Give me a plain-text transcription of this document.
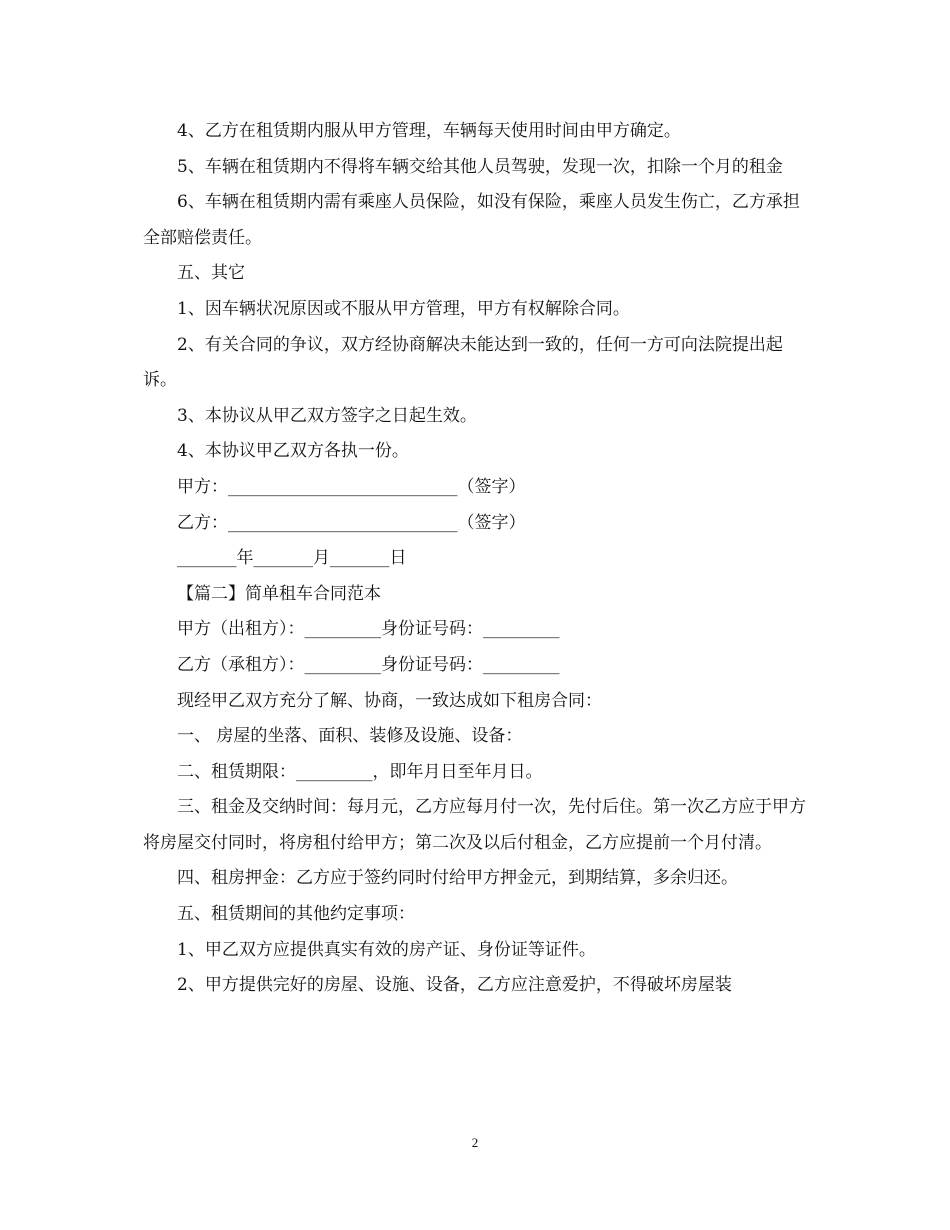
4、乙方在租赁期内服从甲方管理，车辆每天使用时间由甲方确定。

5、车辆在租赁期内不得将车辆交给其他人员驾驶，发现一次，扣除一个月的租金

6、车辆在租赁期内需有乘座人员保险，如没有保险，乘座人员发生伤亡，乙方承担全部赔偿责任。

五、其它

1、因车辆状况原因或不服从甲方管理，甲方有权解除合同。

2、有关合同的争议，双方经协商解决未能达到一致的，任何一方可向法院提出起诉。

3、本协议从甲乙双方签字之日起生效。

4、本协议甲乙双方各执一份。

甲方：___________________________（签字）

乙方：___________________________（签字）

_______年_______月_______日

【篇二】简单租车合同范本

甲方（出租方）：_________身份证号码：_________

乙方（承租方）：_________身份证号码：_________

现经甲乙双方充分了解、协商，一致达成如下租房合同：

一、 房屋的坐落、面积、装修及设施、设备：

二、租赁期限：_________，即年月日至年月日。

三、租金及交纳时间：每月元，乙方应每月付一次，先付后住。第一次乙方应于甲方将房屋交付同时，将房租付给甲方；第二次及以后付租金，乙方应提前一个月付清。

四、租房押金：乙方应于签约同时付给甲方押金元，到期结算，多余归还。

五、租赁期间的其他约定事项：

1、甲乙双方应提供真实有效的房产证、身份证等证件。

2、甲方提供完好的房屋、设施、设备，乙方应注意爱护，不得破坏房屋装

2
